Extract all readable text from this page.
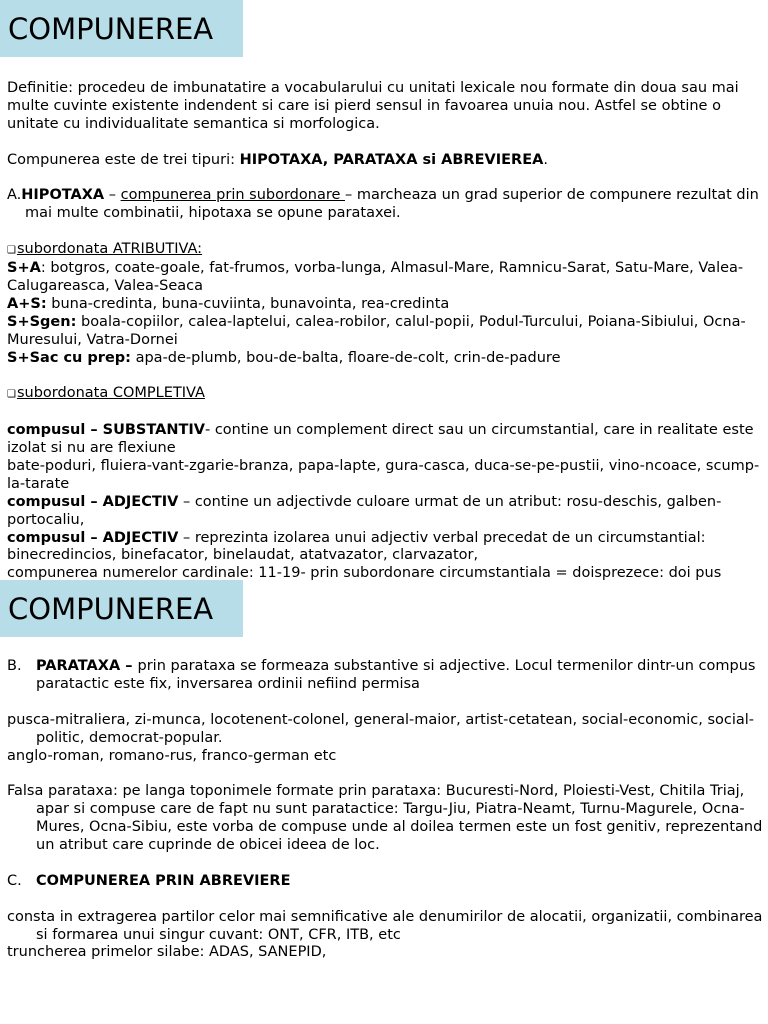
COMPUNEREA

Definitie: procedeu de imbunatatire a vocabularului cu unitati lexicale nou formate din doua sau mai multe cuvinte existente indendent si care isi pierd sensul in favoarea unuia nou. Astfel se obtine o unitate cu individualitate semantica si morfologica.

Compunerea este de trei tipuri: HIPOTAXA, PARATAXA si ABREVIEREA.

A.HIPOTAXA – compunerea prin subordonare – marcheaza un grad superior de compunere rezultat din mai multe combinatii, hipotaxa se opune parataxei.

❑subordonata ATRIBUTIVA:

S+A: botgros, coate-goale, fat-frumos, vorba-lunga, Almasul-Mare, Ramnicu-Sarat, Satu-Mare, Valea-Calugareasca, Valea-Seaca

A+S: buna-credinta, buna-cuviinta, bunavointa, rea-credinta

S+Sgen: boala-copiilor, calea-laptelui, calea-robilor, calul-popii, Podul-Turcului, Poiana-Sibiului, Ocna-Muresului, Vatra-Dornei

S+Sac cu prep: apa-de-plumb, bou-de-balta, floare-de-colt, crin-de-padure

❑subordonata COMPLETIVA

compusul – SUBSTANTIV- contine un complement direct sau un circumstantial, care in realitate este izolat si nu are flexiune

bate-poduri, fluiera-vant-zgarie-branza, papa-lapte, gura-casca, duca-se-pe-pustii, vino-ncoace, scump-la-tarate

compusul – ADJECTIV – contine un adjectivde culoare urmat de un atribut: rosu-deschis, galben-portocaliu,

compusul – ADJECTIV – reprezinta izolarea unui adjectiv verbal precedat de un circumstantial: binecredincios, binefacator, binelaudat, atatvazator, clarvazator,

compunerea numerelor cardinale: 11-19- prin subordonare circumstantiala = doisprezece: doi pus

COMPUNEREA

B. PARATAXA – prin parataxa se formeaza substantive si adjective. Locul termenilor dintr-un compus paratactic este fix, inversarea ordinii nefiind permisa

pusca-mitraliera, zi-munca, locotenent-colonel, general-maior, artist-cetatean, social-economic, social-politic, democrat-popular.

anglo-roman, romano-rus, franco-german etc

Falsa parataxa: pe langa toponimele formate prin parataxa: Bucuresti-Nord, Ploiesti-Vest, Chitila Triaj, apar si compuse care de fapt nu sunt paratactice: Targu-Jiu, Piatra-Neamt, Turnu-Magurele, Ocna-Mures, Ocna-Sibiu, este vorba de compuse unde al doilea termen este un fost genitiv, reprezentand un atribut care cuprinde de obicei ideea de loc.

C. COMPUNEREA PRIN ABREVIERE

consta in extragerea partilor celor mai semnificative ale denumirilor de alocatii, organizatii, combinarea si formarea unui singur cuvant: ONT, CFR, ITB, etc

truncherea primelor silabe: ADAS, SANEPID,
